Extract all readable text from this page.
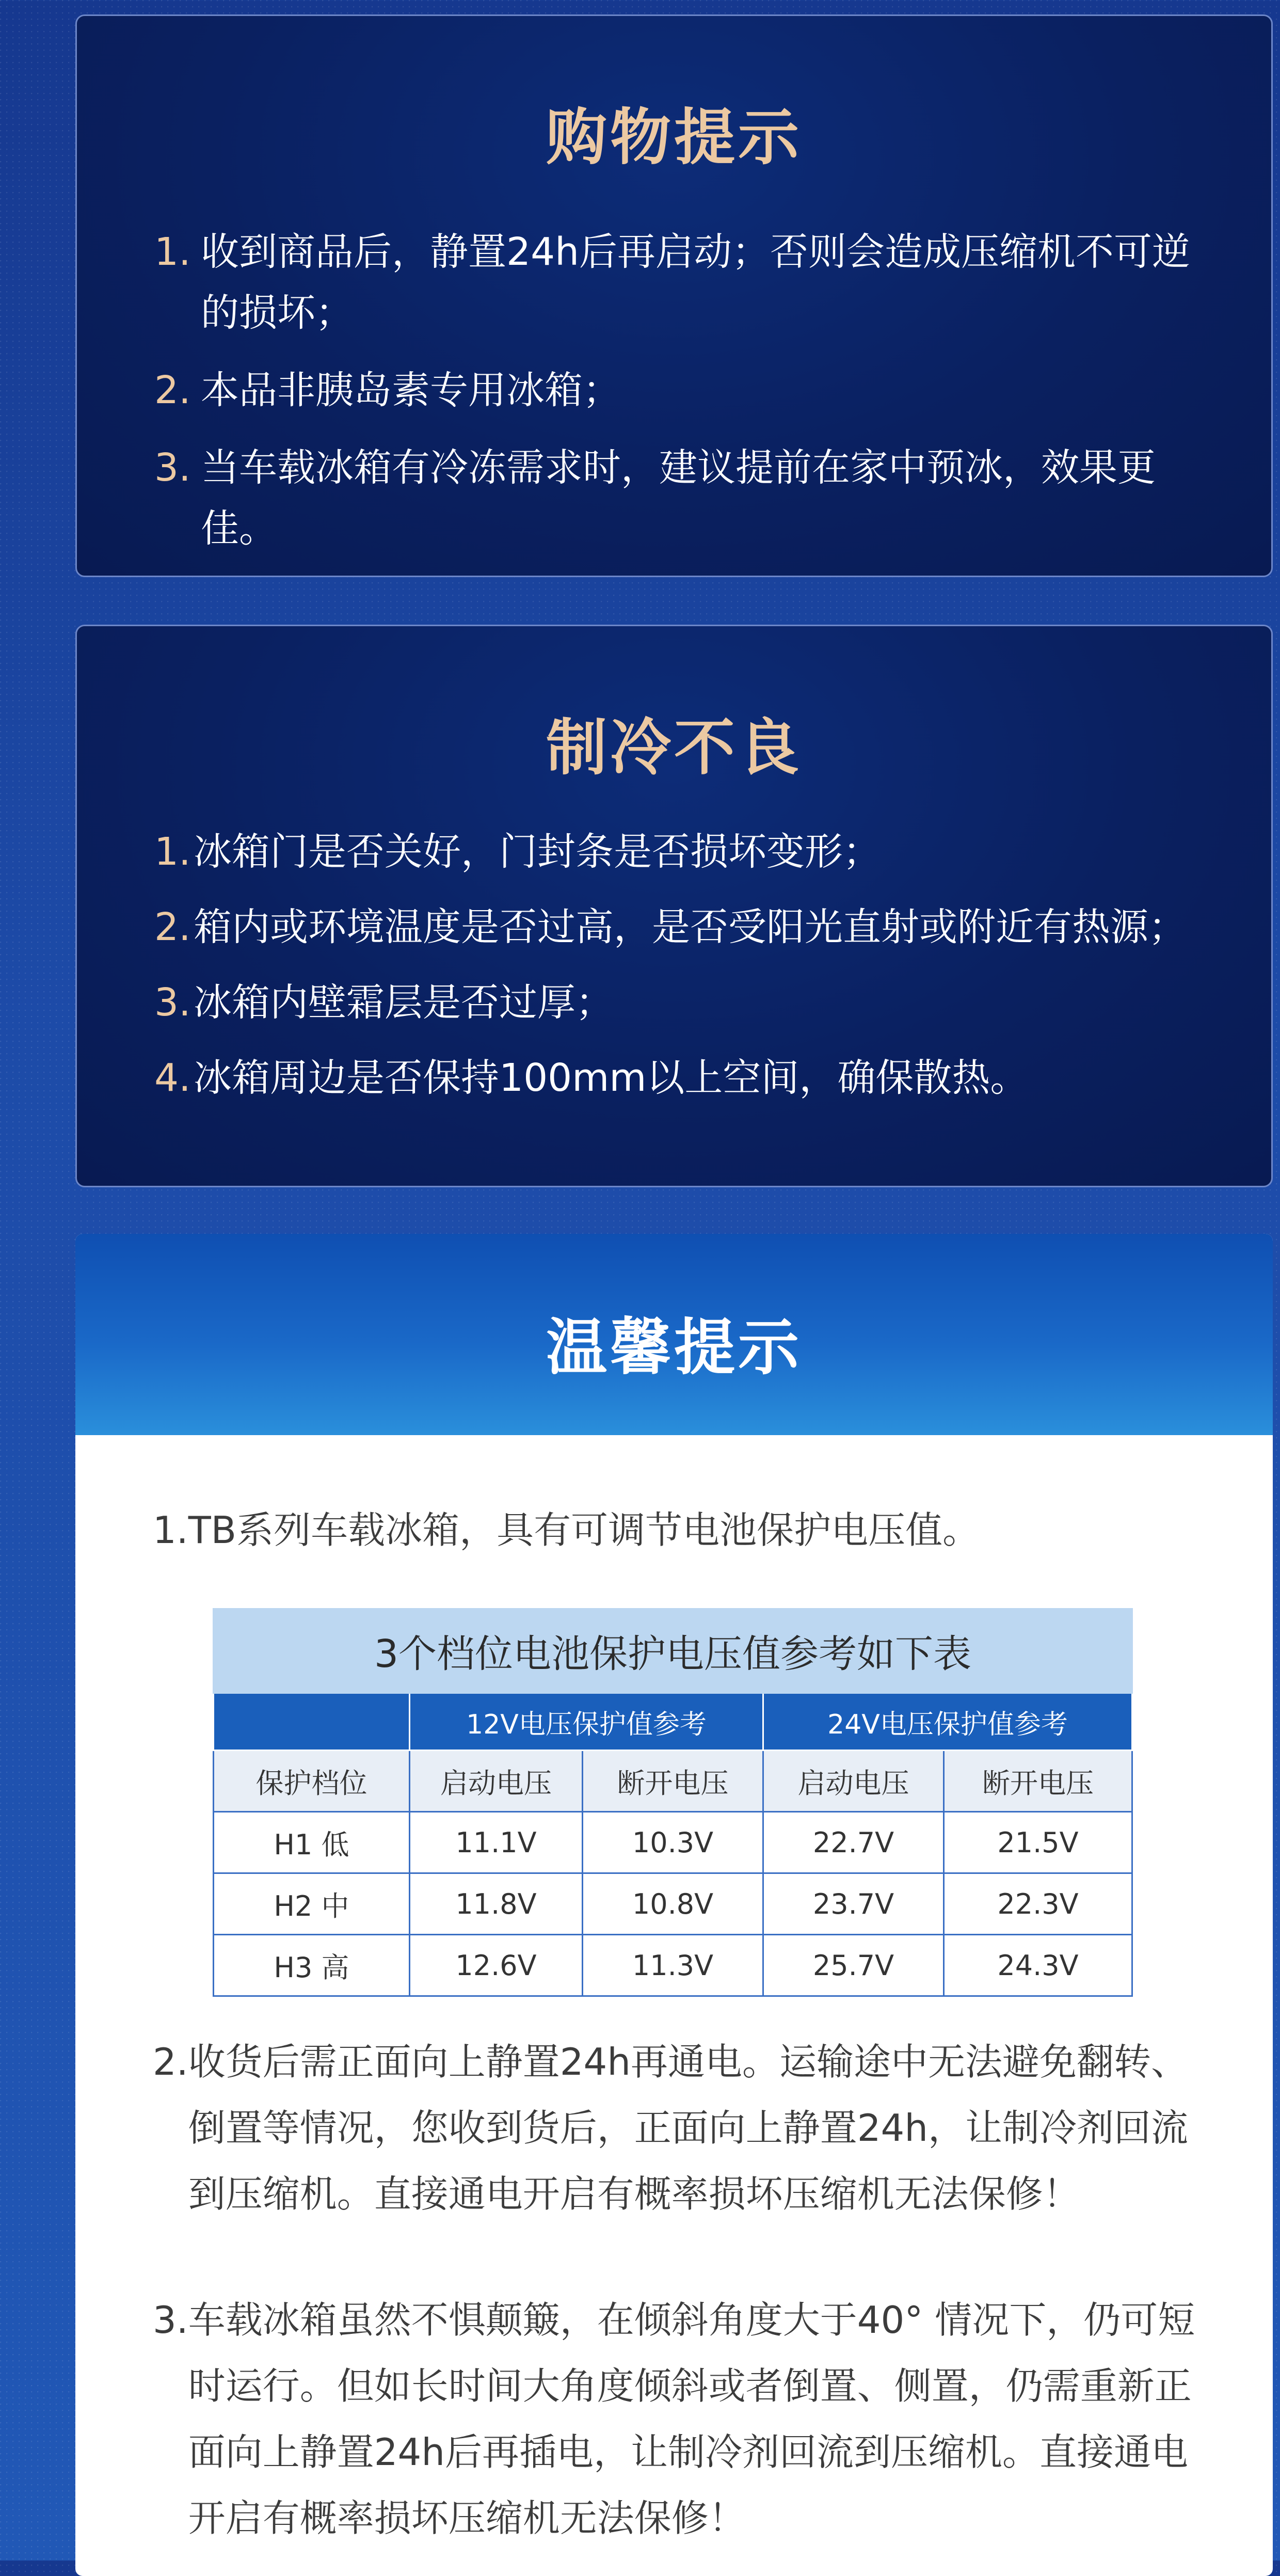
购物提示
1. 收到商品后，静置24h后再启动；否则会造成压缩机不可逆的损坏；
2. 本品非胰岛素专用冰箱；
3. 当车载冰箱有冷冻需求时，建议提前在家中预冰，效果更佳。
制冷不良
1. 冰箱门是否关好，门封条是否损坏变形；
2. 箱内或环境温度是否过高，是否受阳光直射或附近有热源；
3. 冰箱内壁霜层是否过厚；
4. 冰箱周边是否保持100mm以上空间，确保散热。
温馨提示
1. TB系列车载冰箱，具有可调节电池保护电压值。
3个档位电池保护电压值参考如下表				
	12V电压保护值参考		24V电压保护值参考	
保护档位	启动电压	断开电压	启动电压	断开电压
H1 低	11.1V	10.3V	22.7V	21.5V
H2 中	11.8V	10.8V	23.7V	22.3V
H3 高	12.6V	11.3V	25.7V	24.3V
2. 收货后需正面向上静置24h再通电。运输途中无法避免翻转、倒置等情况，您收到货后，正面向上静置24h，让制冷剂回流到压缩机。直接通电开启有概率损坏压缩机无法保修！
3. 车载冰箱虽然不惧颠簸，在倾斜角度大于40° 情况下，仍可短时运行。但如长时间大角度倾斜或者倒置、侧置，仍需重新正面向上静置24h后再插电，让制冷剂回流到压缩机。直接通电开启有概率损坏压缩机无法保修！
